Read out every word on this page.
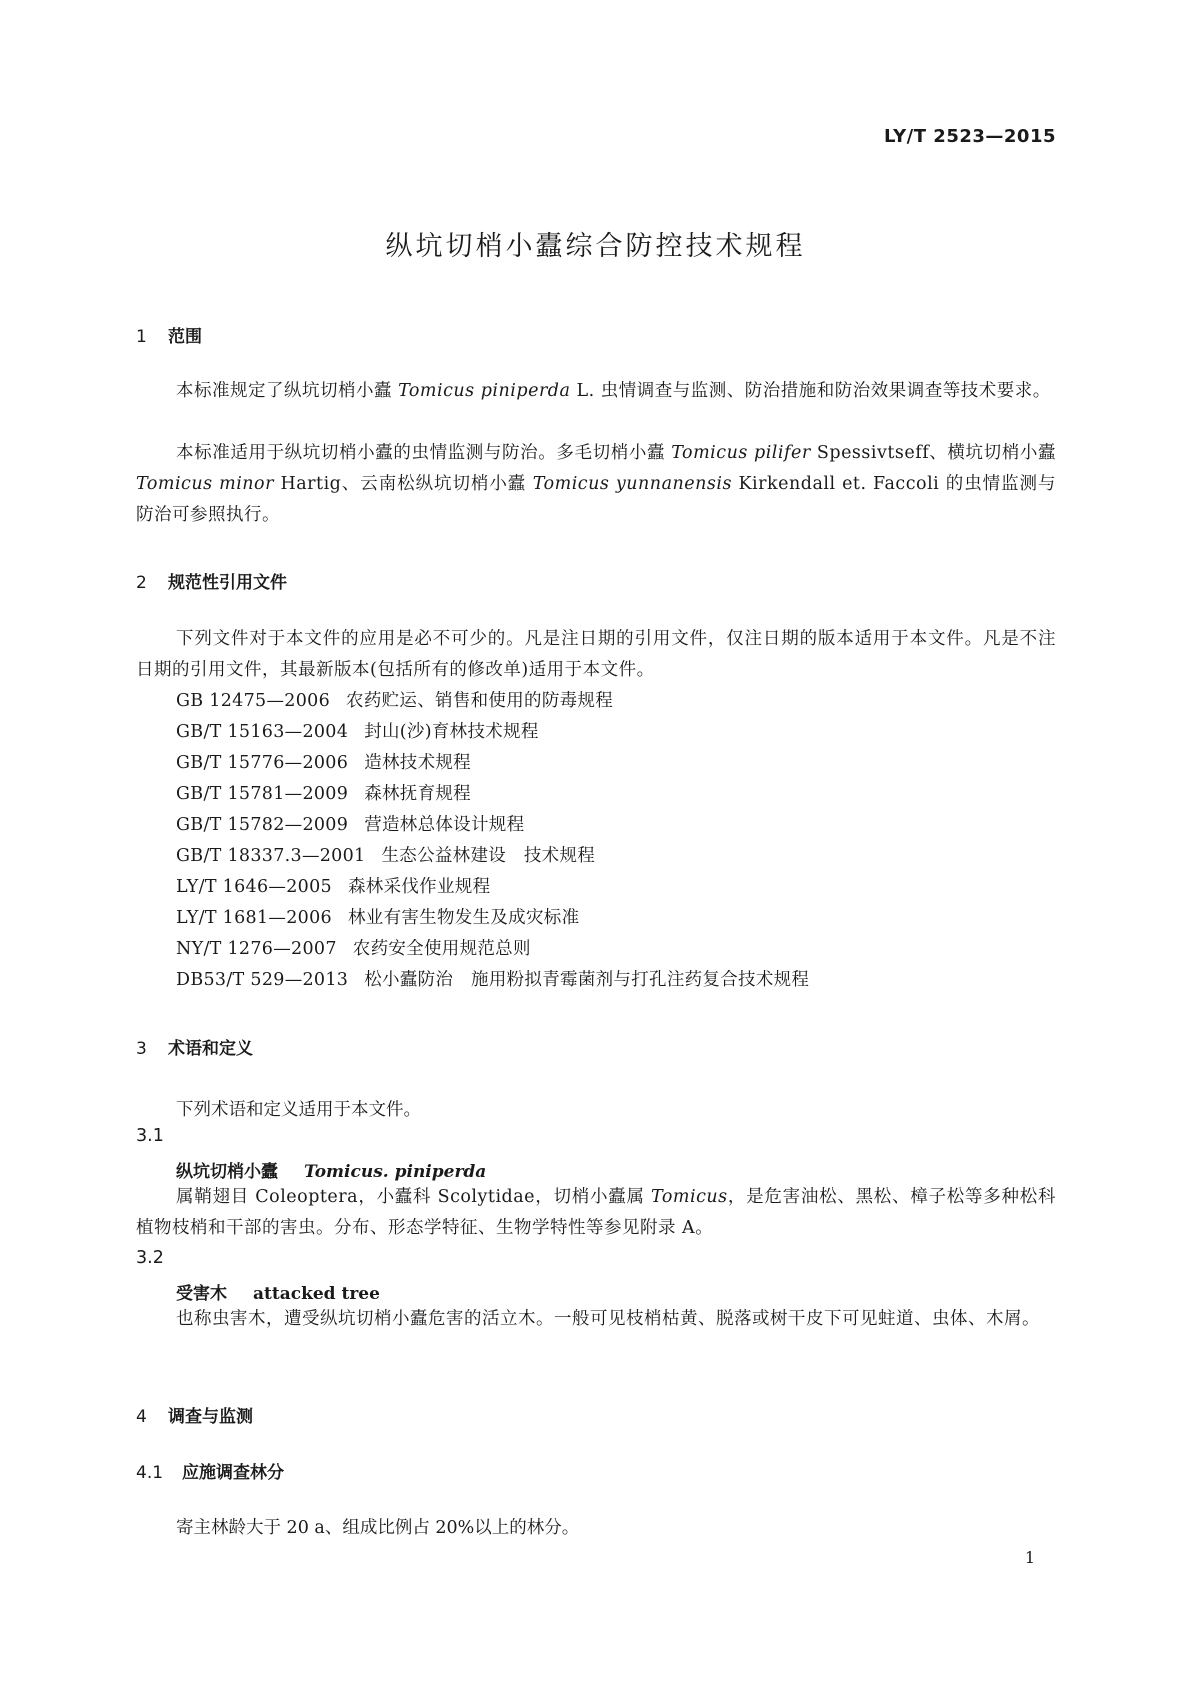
LY/T 2523—2015
纵坑切梢小蠹综合防控技术规程
1 范围
本标准规定了纵坑切梢小蠹 Tomicus piniperda L. 虫情调查与监测、防治措施和防治效果调查等技术要求。
本标准适用于纵坑切梢小蠹的虫情监测与防治。多毛切梢小蠹 Tomicus pilifer Spessivtseff、横坑切梢小蠹 Tomicus minor Hartig、云南松纵坑切梢小蠹 Tomicus yunnanensis Kirkendall et. Faccoli 的虫情监测与防治可参照执行。
2 规范性引用文件
下列文件对于本文件的应用是必不可少的。凡是注日期的引用文件，仅注日期的版本适用于本文件。凡是不注日期的引用文件，其最新版本(包括所有的修改单)适用于本文件。
GB 12475—2006 农药贮运、销售和使用的防毒规程
GB/T 15163—2004 封山(沙)育林技术规程
GB/T 15776—2006 造林技术规程
GB/T 15781—2009 森林抚育规程
GB/T 15782—2009 营造林总体设计规程
GB/T 18337.3—2001 生态公益林建设　技术规程
LY/T 1646—2005 森林采伐作业规程
LY/T 1681—2006 林业有害生物发生及成灾标准
NY/T 1276—2007 农药安全使用规范总则
DB53/T 529—2013 松小蠹防治　施用粉拟青霉菌剂与打孔注药复合技术规程
3 术语和定义
下列术语和定义适用于本文件。
3.1
纵坑切梢小蠹 Tomicus. piniperda
属鞘翅目 Coleoptera，小蠹科 Scolytidae，切梢小蠹属 Tomicus，是危害油松、黑松、樟子松等多种松科植物枝梢和干部的害虫。分布、形态学特征、生物学特性等参见附录 A。
3.2
受害木 attacked tree
也称虫害木，遭受纵坑切梢小蠹危害的活立木。一般可见枝梢枯黄、脱落或树干皮下可见蛀道、虫体、木屑。
4 调查与监测
4.1 应施调查林分
寄主林龄大于 20 a、组成比例占 20%以上的林分。
1
